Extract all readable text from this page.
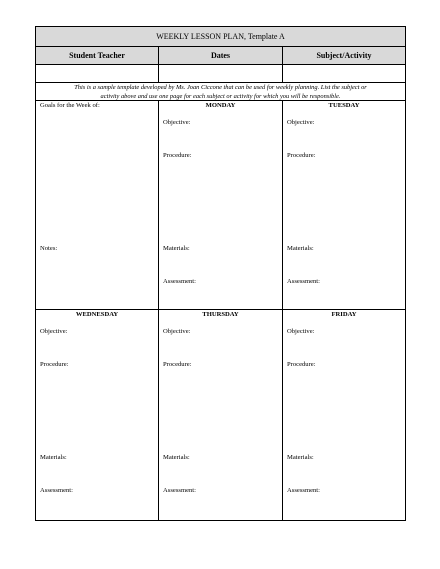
WEEKLY LESSON PLAN, Template A
Student Teacher	Dates	Subject/Activity
This is a sample template developed by Ms. Joan Ciccone that can be used for weekly planning. List the subject or
activity above and use one page for each subject or activity for which you will be responsible.
Goals for the Week of:
Notes:
MONDAY
Objective:
Procedure:
Materials:
Assessment:
TUESDAY
Objective:
Procedure:
Materials:
Assessment:
WEDNESDAY
Objective:
Procedure:
Materials:
Assessment:
THURSDAY
Objective:
Procedure:
Materials:
Assessment:
FRIDAY
Objective:
Procedure:
Materials:
Assessment:
